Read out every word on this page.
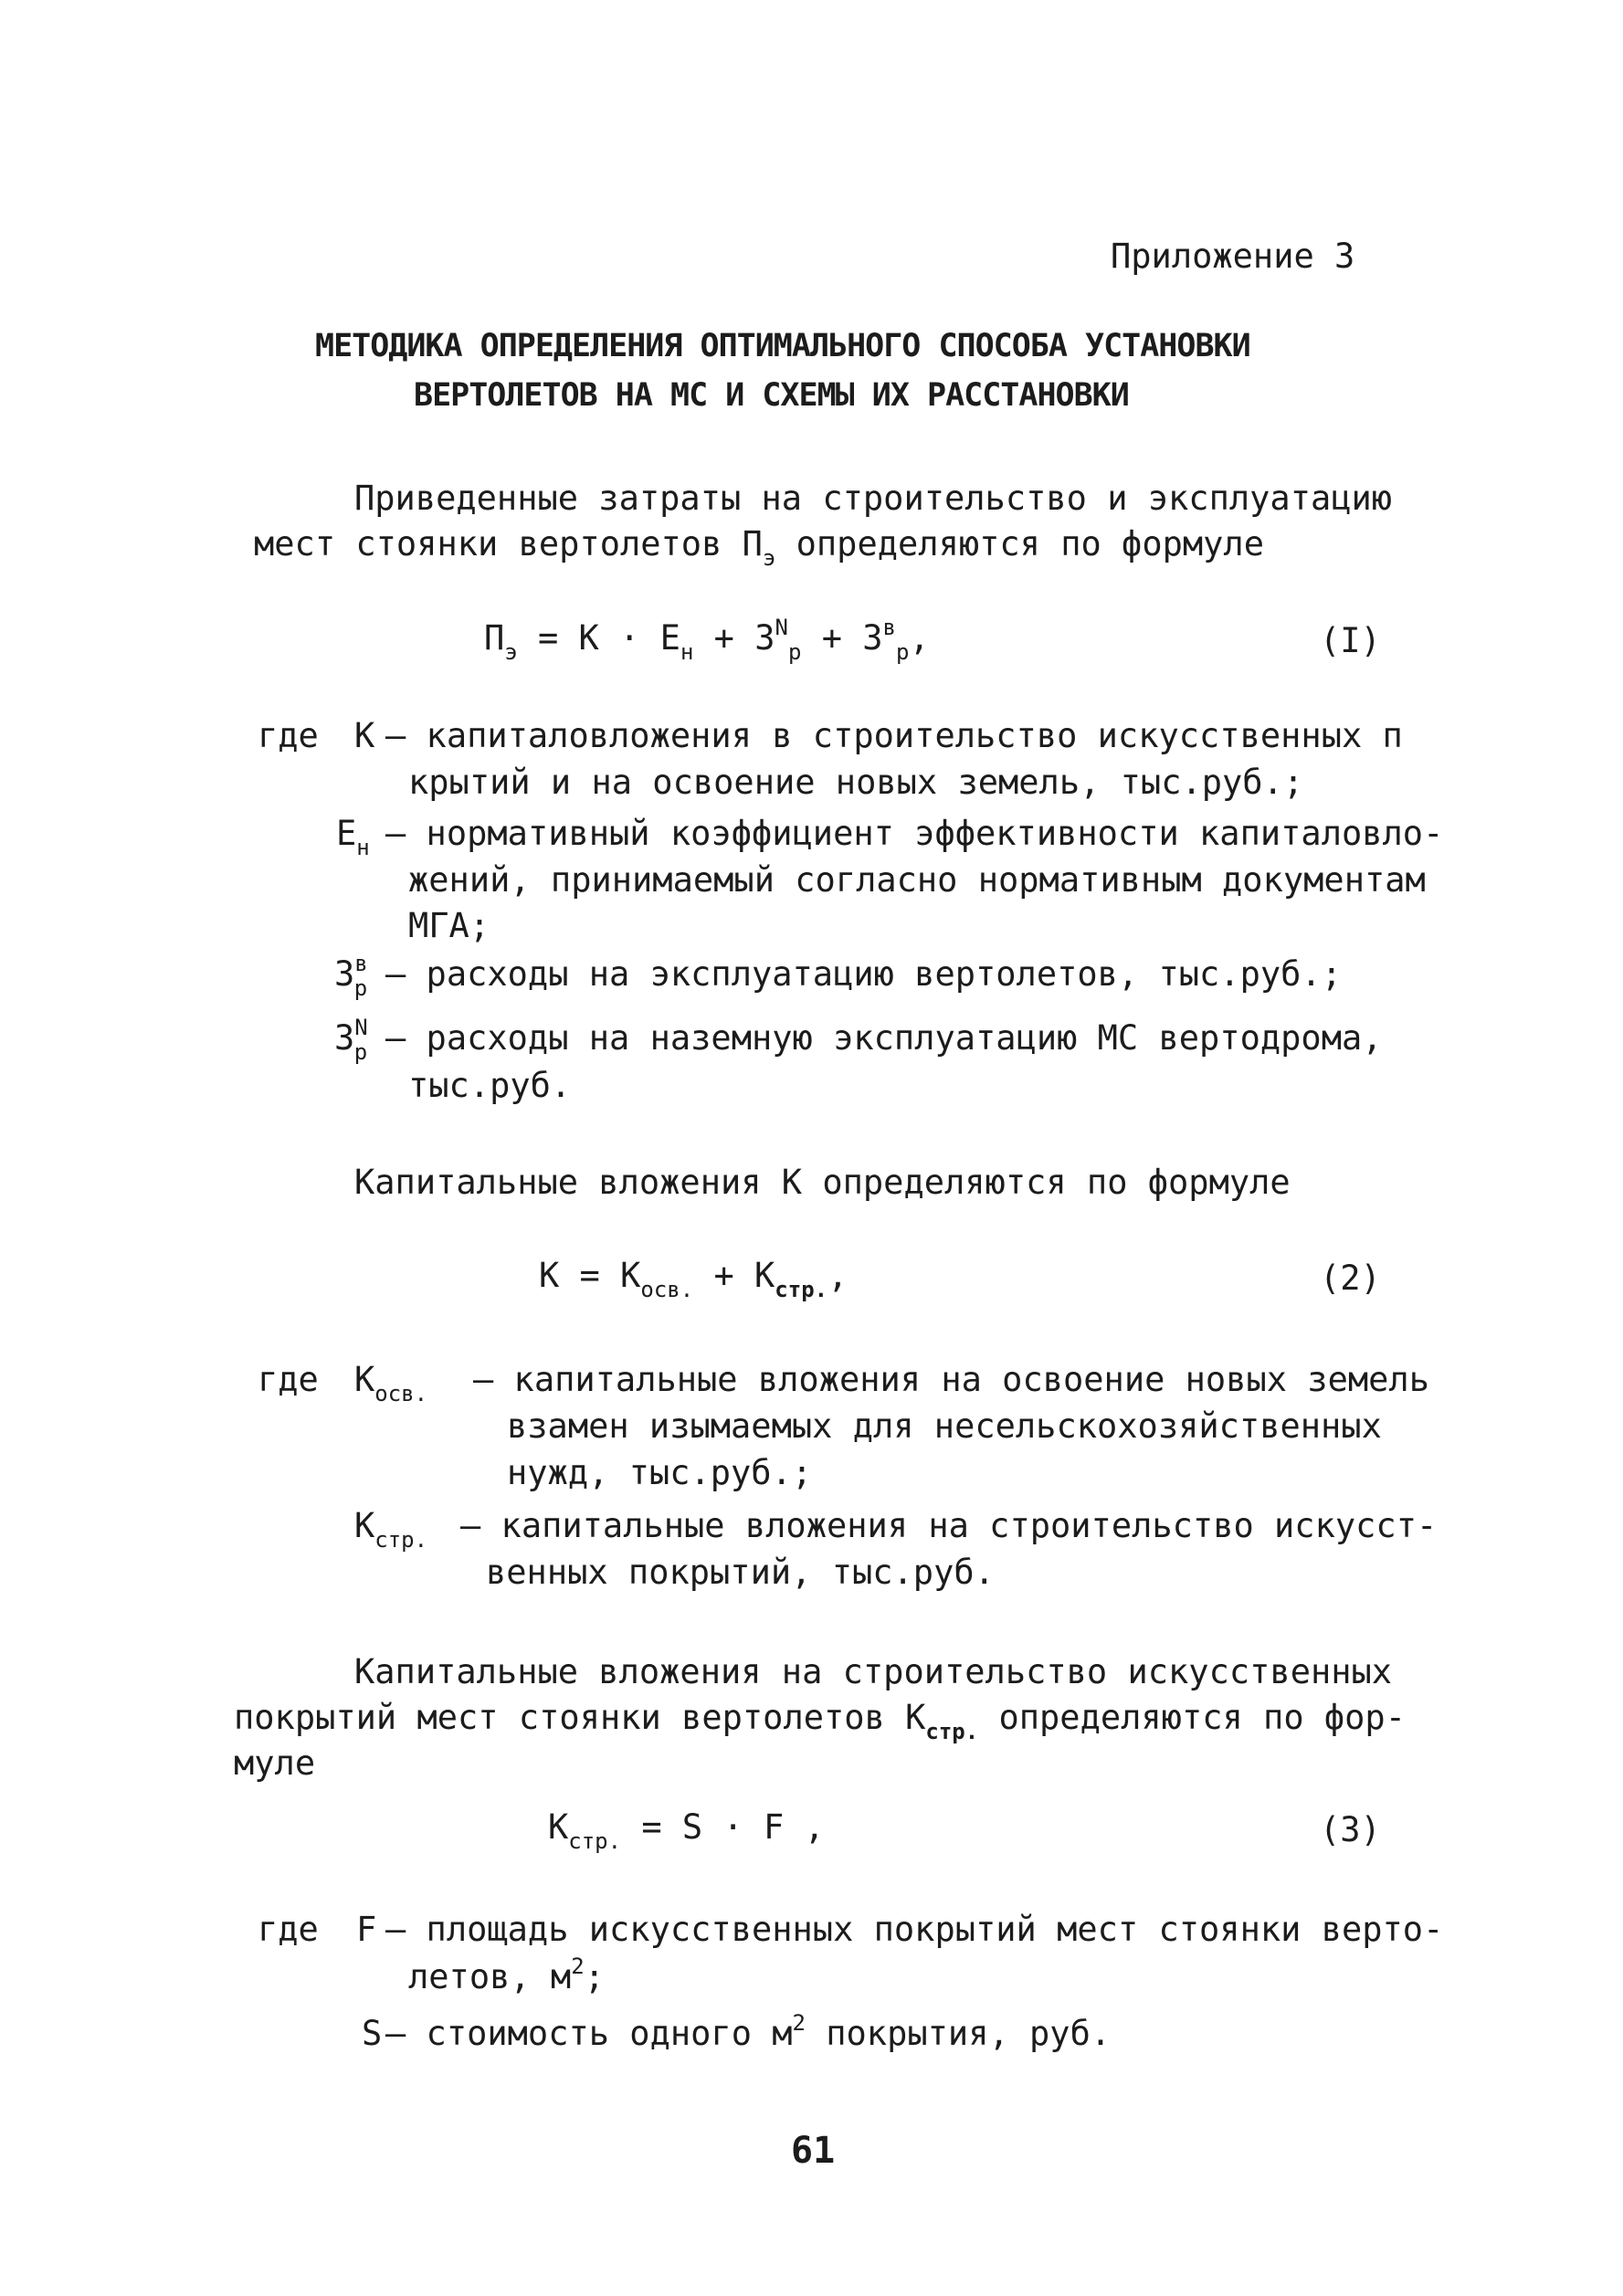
Приложение 3
МЕТОДИКА ОПРЕДЕЛЕНИЯ ОПТИМАЛЬНОГО СПОСОБА УСТАНОВКИ
ВЕРТОЛЕТОВ НА МС И СХЕМЫ ИХ РАССТАНОВКИ
Приведенные затраты на строительство и эксплуатацию
мест стоянки вертолетов $П_э$ определяются по формуле
$П_э = К \cdot Е_н + З^N_р + З^в_р$,	(I)
где К – капиталовложения в строительство искусственных п
крытий и на освоение новых земель, тыс.руб.;
$Е_н$ – нормативный коэффициент эффективности капиталовло-
жений, принимаемый согласно нормативным документам
МГА;
$З^в_р$ – расходы на эксплуатацию вертолетов, тыс.руб.;
$З^N_р$ – расходы на наземную эксплуатацию МС вертодрома,
тыс.руб.
Капитальные вложения К определяются по формуле
$К = К_{осв.} + К_{стр.}$,	(2)
где $К_{осв.}$ – капитальные вложения на освоение новых земель
взамен изымаемых для несельскохозяйственных
нужд, тыс.руб.;
$К_{стр.}$ – капитальные вложения на строительство искусст-
венных покрытий, тыс.руб.
Капитальные вложения на строительство искусственных
покрытий мест стоянки вертолетов $К_{стр.}$ определяются по фор-
муле
$К_{стр.} = S \cdot F$ ,	(3)
где F – площадь искусственных покрытий мест стоянки верто-
летов, $м^2$;
S – стоимость одного $м^2$ покрытия, руб.
61
